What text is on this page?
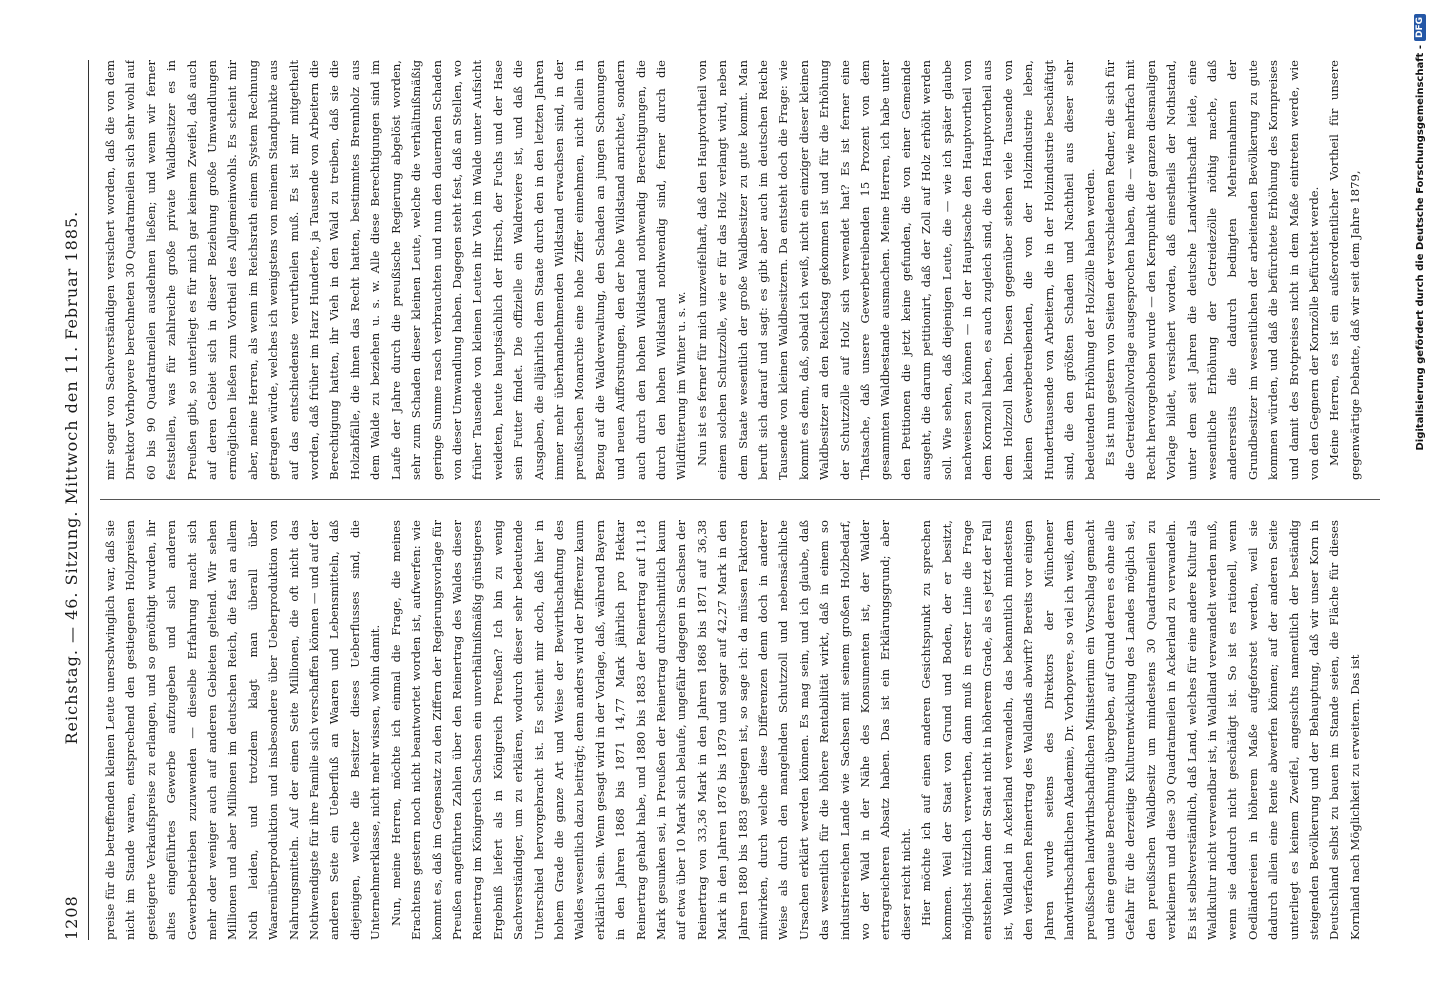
1208
Reichstag. — 46. Sitzung. Mittwoch den 11. Februar 1885. preise für die betreffenden kleinen Leute unerschwinglich war, daß sie nicht im Stande waren, entsprechend den gestiegenen Holzpreisen gesteigerte Verkaufspreise zu erlangen, und so genöthigt wurden, ihr altes eingeführtes Gewerbe aufzugeben und sich anderen Gewerbebetrieben zuzuwenden — dieselbe Erfahrung macht sich mehr oder weniger auch auf anderen Gebieten geltend. Wir sehen Millionen und aber Millionen im deutschen Reich, die fast an allem Noth leiden, und trotzdem klagt man überall über Waarenüberproduktion und insbesondere über Ueberproduktion von Nahrungsmitteln. Auf der einen Seite Millionen, die oft nicht das Nothwendigste für ihre Familie sich verschaffen können — und auf der anderen Seite ein Ueberfluß an Waaren und Lebensmitteln, daß diejenigen, welche die Besitzer dieses Ueberflusses sind, die Unternehmerklasse, nicht mehr wissen, wohin damit. Nun, meine Herren, möchte ich einmal die Frage, die meines Erachtens gestern noch nicht beantwortet worden ist, aufwerfen: wie kommt es, daß im Gegensatz zu den Ziffern der Regierungsvorlage für Preußen angeführten Zahlen über den Reinertrag des Waldes dieser Reinertrag im Königreich Sachsen ein unverhältnißmäßig günstigeres Ergebniß liefert als in Königreich Preußen? Ich bin zu wenig Sachverständiger, um zu erklären, wodurch dieser sehr bedeutende Unterschied hervorgebracht ist. Es scheint mir doch, daß hier in hohem Grade die ganze Art und Weise der Bewirthschaftung des Waldes wesentlich dazu beiträgt; denn anders wird der Differenz kaum erklärlich sein. Wenn gesagt wird in der Vorlage, daß, während Bayern in den Jahren 1868 bis 1871 14,77 Mark jährlich pro Hektar Reinertrag gehabt habe, und 1880 bis 1883 der Reinertrag auf 11,18 Mark gesunken sei, in Preußen der Reinertrag durchschnittlich kaum auf etwa über 10 Mark sich belaufe, ungefähr dagegen in Sachsen der Reinertrag von 33,36 Mark in den Jahren 1868 bis 1871 auf 36,38 Mark in den Jahren 1876 bis 1879 und sogar auf 42,27 Mark in den Jahren 1880 bis 1883 gestiegen ist, so sage ich: da müssen Faktoren mitwirken, durch welche diese Differenzen denn doch in anderer Weise als durch den mangelnden Schutzzoll und nebensächliche Ursachen erklärt werden können. Es mag sein, und ich glaube, daß das wesentlich für die höhere Rentabilität wirkt, daß in einem so industriereichen Lande wie Sachsen mit seinem großen Holzbedarf, wo der Wald in der Nähe des Konsumenten ist, der Walder ertragreicheren Absatz haben. Das ist ein Erklärungsgrund; aber dieser reicht nicht. Hier möchte ich auf einen anderen Gesichtspunkt zu sprechen kommen. Weil der Staat von Grund und Boden, der er besitzt, möglichst nützlich verwerthen, dann muß in erster Linie die Frage entstehen: kann der Staat nicht in höherem Grade, als es jetzt der Fall ist, Waldland in Ackerland verwandeln, das bekanntlich mindestens den vierfachen Reinertrag des Waldlands abwirft? Bereits vor einigen Jahren wurde seitens des Direktors der Münchener landwirthschaftlichen Akademie, Dr. Vorhopvere, so viel ich weiß, dem preußischen landwirthschaftlichen Ministerium ein Vorschlag gemacht und eine genaue Berechnung übergeben, auf Grund deren es ohne alle Gefahr für die derzeitige Kulturentwicklung des Landes möglich sei, den preußischen Waldbesitz um mindestens 30 Quadratmeilen zu verkleinern und diese 30 Quadratmeilen in Ackerland zu verwandeln. Es ist selbstverständlich, daß Land, welches für eine andere Kultur als Waldkultur nicht verwendbar ist, in Waldland verwandelt werden muß, wenn sie dadurch nicht geschädigt ist. So ist es rationell, wenn Oedländereien in höherem Maße aufgeforstet werden, weil sie dadurch allein eine Rente abwerfen können; auf der anderen Seite unterliegt es keinem Zweifel, angesichts namentlich der beständig steigenden Bevölkerung und der Behauptung, daß wir unser Korn in Deutschland selbst zu bauen im Stande seien, die Fläche für dieses Kornland nach Möglichkeit zu erweitern. Das ist

mir sogar von Sachverständigen versichert worden, daß die von dem Direktor Vorhopvere berechneten 30 Quadratmeilen sich sehr wohl auf 60 bis 90 Quadratmeilen ausdehnen ließen; und wenn wir ferner feststellen, was für zahlreiche große private Waldbesitzer es in Preußen gibt, so unterliegt es für mich gar keinem Zweifel, daß auch auf deren Gebiet sich in dieser Beziehung große Umwandlungen ermöglichen ließen zum Vortheil des Allgemeinwohls. Es scheint mir aber, meine Herren, als wenn im Reichsrath einem System Rechnung getragen würde, welches ich wenigstens von meinem Standpunkte aus auf das entschiedenste verurtheilen muß. Es ist mir mitgetheilt worden, daß früher im Harz Hunderte, ja Tausende von Arbeitern die Berechtigung hatten, ihr Vieh in den Wald zu treiben, daß sie die Holzabfälle, die ihnen das Recht hatten, bestimmtes Brennholz aus dem Walde zu beziehen u. s. w. Alle diese Berechtigungen sind im Laufe der Jahre durch die preußische Regierung abgelöst worden, sehr zum Schaden dieser kleinen Leute, welche die verhältnißmäßig geringe Summe rasch verbrauchten und nun den dauernden Schaden von dieser Umwandlung haben. Dagegen steht fest, daß an Stellen, wo früher Tausende von kleinen Leuten ihr Vieh im Walde unter Aufsicht weideten, heute hauptsächlich der Hirsch, der Fuchs und der Hase sein Futter findet. Die offizielle ein Waldreviere ist, und daß die Ausgaben, die alljährlich dem Staate durch den in den letzten Jahren immer mehr überhandnehmenden Wildstand erwachsen sind, in der preußischen Monarchie eine hohe Ziffer einnehmen, nicht allein in Bezug auf die Waldverwaltung, den Schaden an jungen Schonungen und neuen Aufforstungen, den der hohe Wildstand anrichtet, sondern auch durch den hohen Wildstand nothwendig Berechtigungen, die durch den hohen Wildstand nothwendig sind, ferner durch die Wildfütterung im Winter u. s. w. Nun ist es ferner für mich unzweifelhaft, daß den Hauptvortheil von einem solchen Schutzzolle, wie er für das Holz verlangt wird, neben dem Staate wesentlich der große Waldbesitzer zu gute kommt. Man beruft sich darauf und sagt: es gibt aber auch im deutschen Reiche Tausende von kleinen Waldbesitzern. Da entsteht doch die Frage: wie kommt es denn, daß, sobald ich weiß, nicht ein einziger dieser kleinen Waldbesitzer an den Reichstag gekommen ist und für die Erhöhung der Schutzzölle auf Holz sich verwendet hat? Es ist ferner eine Thatsache, daß unsere Gewerbetreibenden 15 Prozent von dem gesammten Waldbestande ausmachen. Meine Herren, ich habe unter den Petitionen die jetzt keine gefunden, die von einer Gemeinde ausgeht, die darum petitionirt, daß der Zoll auf Holz erhöht werden soll. Wie sehen, daß diejenigen Leute, die — wie ich später glaube nachweisen zu können — in der Hauptsache den Hauptvortheil von dem Kornzoll haben, es auch zugleich sind, die den Hauptvortheil aus dem Holzzoll haben. Diesen gegenüber stehen viele Tausende von kleinen Gewerbetreibenden, die von der Holzindustrie leben, Hunderttausende von Arbeitern, die in der Holzindustrie beschäftigt sind, die den größten Schaden und Nachtheil aus dieser sehr bedeutenden Erhöhung der Holzzölle haben werden. Es ist nun gestern von Seiten der verschiedenen Redner, die sich für die Getreidezollvorlage ausgesprochen haben, die — wie mehrfach mit Recht hervorgehoben wurde — den Kernpunkt der ganzen diesmaligen Vorlage bildet, versichert worden, daß einestheils der Nothstand, unter dem seit Jahren die deutsche Landwirthschaft leide, eine wesentliche Erhöhung der Getreidezölle nöthig mache, daß andererseits die dadurch bedingten Mehreinnahmen der Grundbesitzer im wesentlichen der arbeitenden Bevölkerung zu gute kommen würden, und daß die befürchtete Erhöhung des Kornpreises und damit des Brotpreises nicht in dem Maße eintreten werde, wie von den Gegnern der Kornzölle befürchtet werde. Meine Herren, es ist ein außerordentlicher Vortheil für unsere gegenwärtige Debatte, daß wir seit dem Jahre 1879,	Digitalisierung gefördert durch die Deutsche Forschungsgemeinschaft -
DFG
